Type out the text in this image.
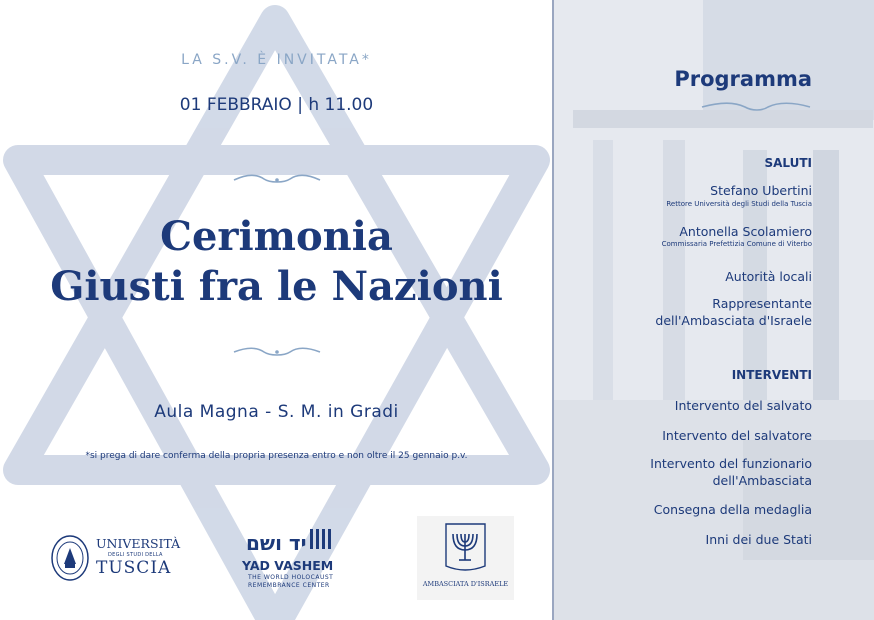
LA S.V. È INVITATA*
01 FEBBRAIO | h 11.00
Cerimonia
Giusti fra le Nazioni
Aula Magna - S. M. in Gradi
*si prega di dare conferma della propria presenza entro e non oltre il 25 gennaio p.v.
UNIVERSITÀ
DEGLI STUDI DELLA
TUSCIA
יד ושם
YAD VASHEM
THE WORLD HOLOCAUST
REMEMBRANCE CENTER	AMBASCIATA D'ISRAELE
Programma
SALUTI
Stefano Ubertini
Rettore Università degli Studi della Tuscia
Antonella Scolamiero
Commissaria Prefettizia Comune di Viterbo
Autorità locali
Rappresentante
dell'Ambasciata d'Israele
INTERVENTI
Intervento del salvato
Intervento del salvatore
Intervento del funzionario
dell'Ambasciata
Consegna della medaglia
Inni dei due Stati
